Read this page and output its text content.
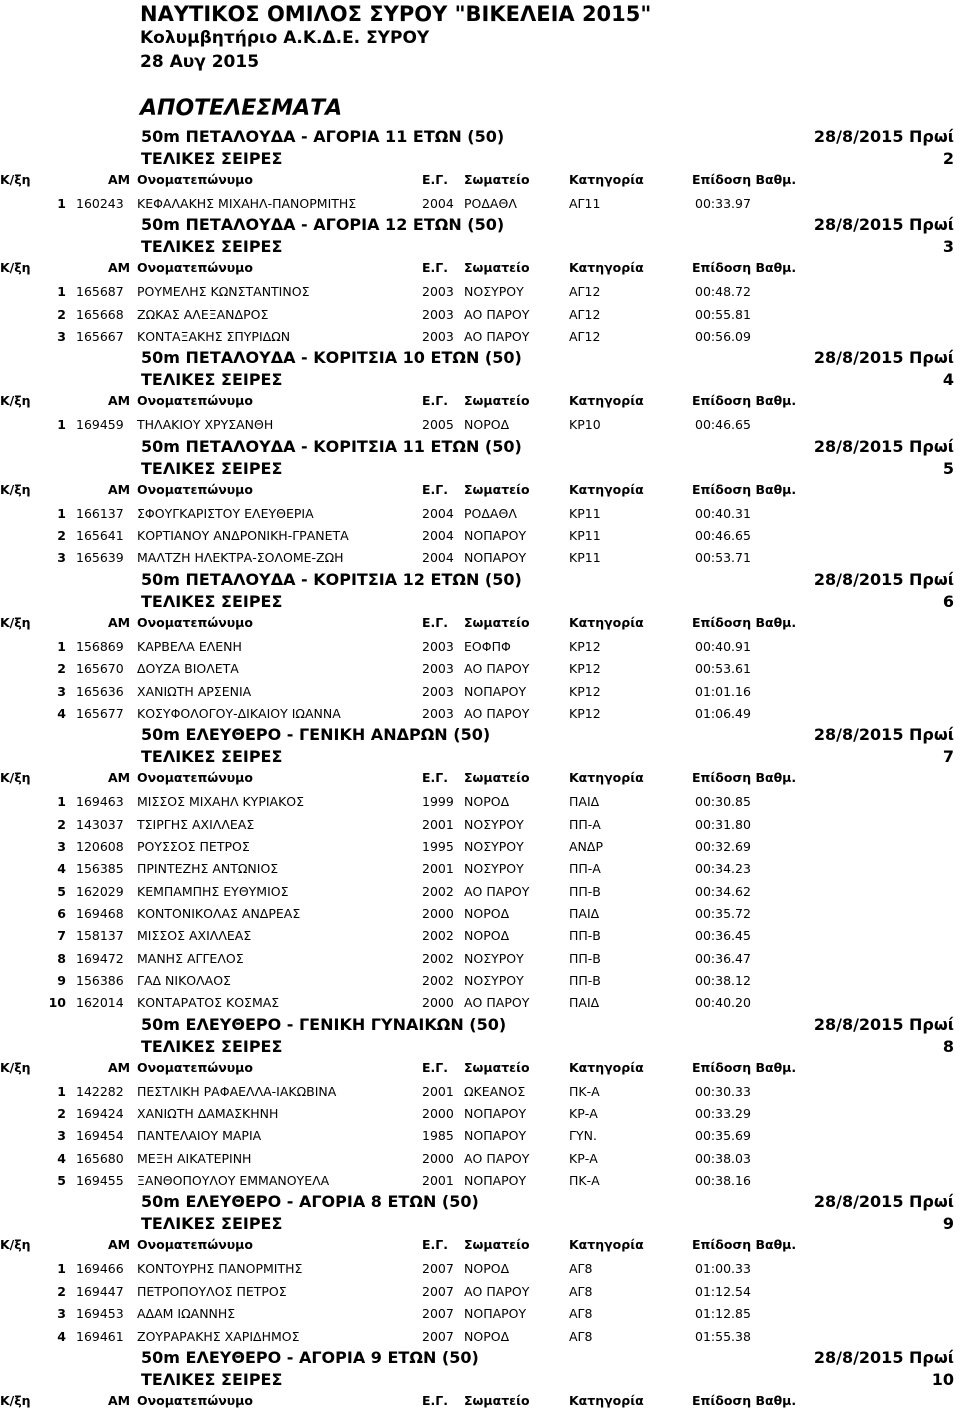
ΝΑΥΤΙΚΟΣ ΟΜΙΛΟΣ ΣΥΡΟΥ "ΒΙΚΕΛΕΙΑ 2015"
Κολυμβητήριο Α.Κ.Δ.Ε. ΣΥΡΟΥ
28 Αυγ 2015
ΑΠΟΤΕΛΕΣΜΑΤΑ
50m ΠΕΤΑΛΟΥΔΑ - ΑΓΟΡΙΑ 11 ΕΤΩΝ (50)	28/8/2015 Πρωί
ΤΕΛΙΚΕΣ ΣΕΙΡΕΣ	2
Κ/ξη	ΑΜ Ονοματεπώνυμο	Ε.Γ.	Σωματείο	Κατηγορία	Επίδοση Βαθμ.
1 160243	ΚΕΦΑΛΑΚΗΣ ΜΙΧΑΗΛ-ΠΑΝΟΡΜΙΤΗΣ	2004 ΡΟΔΑΘΛ	ΑΓ11	00:33.97
50m ΠΕΤΑΛΟΥΔΑ - ΑΓΟΡΙΑ 12 ΕΤΩΝ (50)	28/8/2015 Πρωί
ΤΕΛΙΚΕΣ ΣΕΙΡΕΣ	3
Κ/ξη	ΑΜ Ονοματεπώνυμο	Ε.Γ.	Σωματείο	Κατηγορία	Επίδοση Βαθμ.
1 165687	ΡΟΥΜΕΛΗΣ ΚΩΝΣΤΑΝΤΙΝΟΣ	2003 ΝΟΣΥΡΟΥ	ΑΓ12	00:48.72
2 165668	ΖΩΚΑΣ ΑΛΕΞΑΝΔΡΟΣ	2003 ΑΟ ΠΑΡΟΥ	ΑΓ12	00:55.81
3 165667	ΚΟΝΤΑΞΑΚΗΣ ΣΠΥΡΙΔΩΝ	2003 ΑΟ ΠΑΡΟΥ	ΑΓ12	00:56.09
50m ΠΕΤΑΛΟΥΔΑ - ΚΟΡΙΤΣΙΑ 10 ΕΤΩΝ (50)	28/8/2015 Πρωί
ΤΕΛΙΚΕΣ ΣΕΙΡΕΣ	4
Κ/ξη	ΑΜ Ονοματεπώνυμο	Ε.Γ.	Σωματείο	Κατηγορία	Επίδοση Βαθμ.
1 169459	ΤΗΛΑΚΙΟΥ ΧΡΥΣΑΝΘΗ	2005 ΝΟΡΟΔ	ΚΡ10	00:46.65
50m ΠΕΤΑΛΟΥΔΑ - ΚΟΡΙΤΣΙΑ 11 ΕΤΩΝ (50)	28/8/2015 Πρωί
ΤΕΛΙΚΕΣ ΣΕΙΡΕΣ	5
Κ/ξη	ΑΜ Ονοματεπώνυμο	Ε.Γ.	Σωματείο	Κατηγορία	Επίδοση Βαθμ.
1 166137	ΣΦΟΥΓΚΑΡΙΣΤΟΥ ΕΛΕΥΘΕΡΙΑ	2004 ΡΟΔΑΘΛ	ΚΡ11	00:40.31
2 165641	ΚΟΡΤΙΑΝΟΥ ΑΝΔΡΟΝΙΚΗ-ΓΡΑΝΕΤΑ	2004 ΝΟΠΑΡΟΥ	ΚΡ11	00:46.65
3 165639	ΜΑΛΤΖΗ ΗΛΕΚΤΡΑ-ΣΟΛΟΜΕ-ΖΩΗ	2004 ΝΟΠΑΡΟΥ	ΚΡ11	00:53.71
50m ΠΕΤΑΛΟΥΔΑ - ΚΟΡΙΤΣΙΑ 12 ΕΤΩΝ (50)	28/8/2015 Πρωί
ΤΕΛΙΚΕΣ ΣΕΙΡΕΣ	6
Κ/ξη	ΑΜ Ονοματεπώνυμο	Ε.Γ.	Σωματείο	Κατηγορία	Επίδοση Βαθμ.
1 156869	ΚΑΡΒΕΛΑ ΕΛΕΝΗ	2003 ΕΟΦΠΦ	ΚΡ12	00:40.91
2 165670	ΔΟΥΖΑ ΒΙΟΛΕΤΑ	2003 ΑΟ ΠΑΡΟΥ	ΚΡ12	00:53.61
3 165636	ΧΑΝΙΩΤΗ ΑΡΣΕΝΙΑ	2003 ΝΟΠΑΡΟΥ	ΚΡ12	01:01.16
4 165677	ΚΟΣΥΦΟΛΟΓΟΥ-ΔΙΚΑΙΟΥ ΙΩΑΝΝΑ	2003 ΑΟ ΠΑΡΟΥ	ΚΡ12	01:06.49
50m ΕΛΕΥΘΕΡΟ - ΓΕΝΙΚΗ ΑΝΔΡΩΝ (50)	28/8/2015 Πρωί
ΤΕΛΙΚΕΣ ΣΕΙΡΕΣ	7
Κ/ξη	ΑΜ Ονοματεπώνυμο	Ε.Γ.	Σωματείο	Κατηγορία	Επίδοση Βαθμ.
1 169463	ΜΙΣΣΟΣ ΜΙΧΑΗΛ ΚΥΡΙΑΚΟΣ	1999 ΝΟΡΟΔ	ΠΑΙΔ	00:30.85
2 143037	ΤΣΙΡΓΗΣ ΑΧΙΛΛΕΑΣ	2001 ΝΟΣΥΡΟΥ	ΠΠ-Α	00:31.80
3 120608	ΡΟΥΣΣΟΣ ΠΕΤΡΟΣ	1995 ΝΟΣΥΡΟΥ	ΑΝΔΡ	00:32.69
4 156385	ΠΡΙΝΤΕΖΗΣ ΑΝΤΩΝΙΟΣ	2001 ΝΟΣΥΡΟΥ	ΠΠ-Α	00:34.23
5 162029	ΚΕΜΠΑΜΠΗΣ ΕΥΘΥΜΙΟΣ	2002 ΑΟ ΠΑΡΟΥ	ΠΠ-Β	00:34.62
6 169468	ΚΟΝΤΟΝΙΚΟΛΑΣ ΑΝΔΡΕΑΣ	2000 ΝΟΡΟΔ	ΠΑΙΔ	00:35.72
7 158137	ΜΙΣΣΟΣ ΑΧΙΛΛΕΑΣ	2002 ΝΟΡΟΔ	ΠΠ-Β	00:36.45
8 169472	ΜΑΝΗΣ ΑΓΓΕΛΟΣ	2002 ΝΟΣΥΡΟΥ	ΠΠ-Β	00:36.47
9 156386	ΓΑΔ ΝΙΚΟΛΑΟΣ	2002 ΝΟΣΥΡΟΥ	ΠΠ-Β	00:38.12
10 162014	ΚΟΝΤΑΡΑΤΟΣ ΚΟΣΜΑΣ	2000 ΑΟ ΠΑΡΟΥ	ΠΑΙΔ	00:40.20
50m ΕΛΕΥΘΕΡΟ - ΓΕΝΙΚΗ ΓΥΝΑΙΚΩΝ (50)	28/8/2015 Πρωί
ΤΕΛΙΚΕΣ ΣΕΙΡΕΣ	8
Κ/ξη	ΑΜ Ονοματεπώνυμο	Ε.Γ.	Σωματείο	Κατηγορία	Επίδοση Βαθμ.
1 142282	ΠΕΣΤΛΙΚΗ ΡΑΦΑΕΛΛΑ-ΙΑΚΩΒΙΝΑ	2001 ΩΚΕΑΝΟΣ	ΠΚ-Α	00:30.33
2 169424	ΧΑΝΙΩΤΗ ΔΑΜΑΣΚΗΝΗ	2000 ΝΟΠΑΡΟΥ	ΚΡ-Α	00:33.29
3 169454	ΠΑΝΤΕΛΑΙΟΥ ΜΑΡΙΑ	1985 ΝΟΠΑΡΟΥ	ΓΥΝ.	00:35.69
4 165680	ΜΕΞΗ ΑΙΚΑΤΕΡΙΝΗ	2000 ΑΟ ΠΑΡΟΥ	ΚΡ-Α	00:38.03
5 169455	ΞΑΝΘΟΠΟΥΛΟΥ ΕΜΜΑΝΟΥΕΛΑ	2001 ΝΟΠΑΡΟΥ	ΠΚ-Α	00:38.16
50m ΕΛΕΥΘΕΡΟ - ΑΓΟΡΙΑ 8 ΕΤΩΝ (50)	28/8/2015 Πρωί
ΤΕΛΙΚΕΣ ΣΕΙΡΕΣ	9
Κ/ξη	ΑΜ Ονοματεπώνυμο	Ε.Γ.	Σωματείο	Κατηγορία	Επίδοση Βαθμ.
1 169466	ΚΟΝΤΟΥΡΗΣ ΠΑΝΟΡΜΙΤΗΣ	2007 ΝΟΡΟΔ	ΑΓ8	01:00.33
2 169447	ΠΕΤΡΟΠΟΥΛΟΣ ΠΕΤΡΟΣ	2007 ΑΟ ΠΑΡΟΥ	ΑΓ8	01:12.54
3 169453	ΑΔΑΜ ΙΩΑΝΝΗΣ	2007 ΝΟΠΑΡΟΥ	ΑΓ8	01:12.85
4 169461	ΖΟΥΡΑΡΑΚΗΣ ΧΑΡΙΔΗΜΟΣ	2007 ΝΟΡΟΔ	ΑΓ8	01:55.38
50m ΕΛΕΥΘΕΡΟ - ΑΓΟΡΙΑ 9 ΕΤΩΝ (50)	28/8/2015 Πρωί
ΤΕΛΙΚΕΣ ΣΕΙΡΕΣ	10
Κ/ξη	ΑΜ Ονοματεπώνυμο	Ε.Γ.	Σωματείο	Κατηγορία	Επίδοση Βαθμ.
